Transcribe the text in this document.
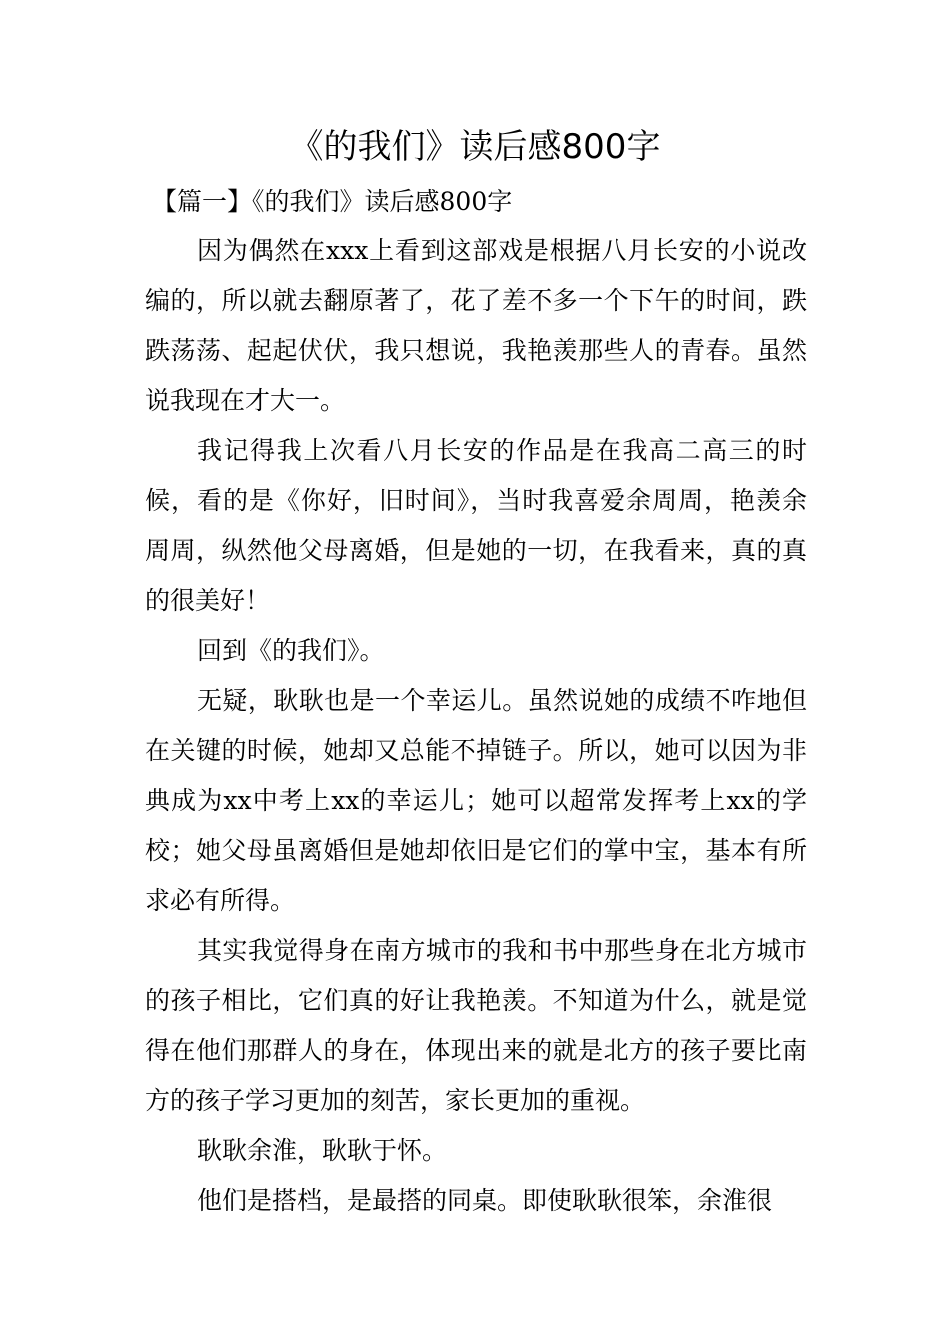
《的我们》读后感800字

【篇一】《的我们》读后感800字

因为偶然在xxx上看到这部戏是根据八月长安的小说改编的，所以就去翻原著了，花了差不多一个下午的时间，跌跌荡荡、起起伏伏，我只想说，我艳羡那些人的青春。虽然说我现在才大一。

我记得我上次看八月长安的作品是在我高二高三的时候，看的是《你好，旧时间》，当时我喜爱余周周，艳羡余周周，纵然他父母离婚，但是她的一切，在我看来，真的真的很美好！

回到《的我们》。

无疑，耿耿也是一个幸运儿。虽然说她的成绩不咋地但在关键的时候，她却又总能不掉链子。所以，她可以因为非典成为xx中考上xx的幸运儿；她可以超常发挥考上xx的学校；她父母虽离婚但是她却依旧是它们的掌中宝，基本有所求必有所得。

其实我觉得身在南方城市的我和书中那些身在北方城市的孩子相比，它们真的好让我艳羡。不知道为什么，就是觉得在他们那群人的身在，体现出来的就是北方的孩子要比南方的孩子学习更加的刻苦，家长更加的重视。

耿耿余淮，耿耿于怀。

他们是搭档，是最搭的同桌。即使耿耿很笨，余淮很
